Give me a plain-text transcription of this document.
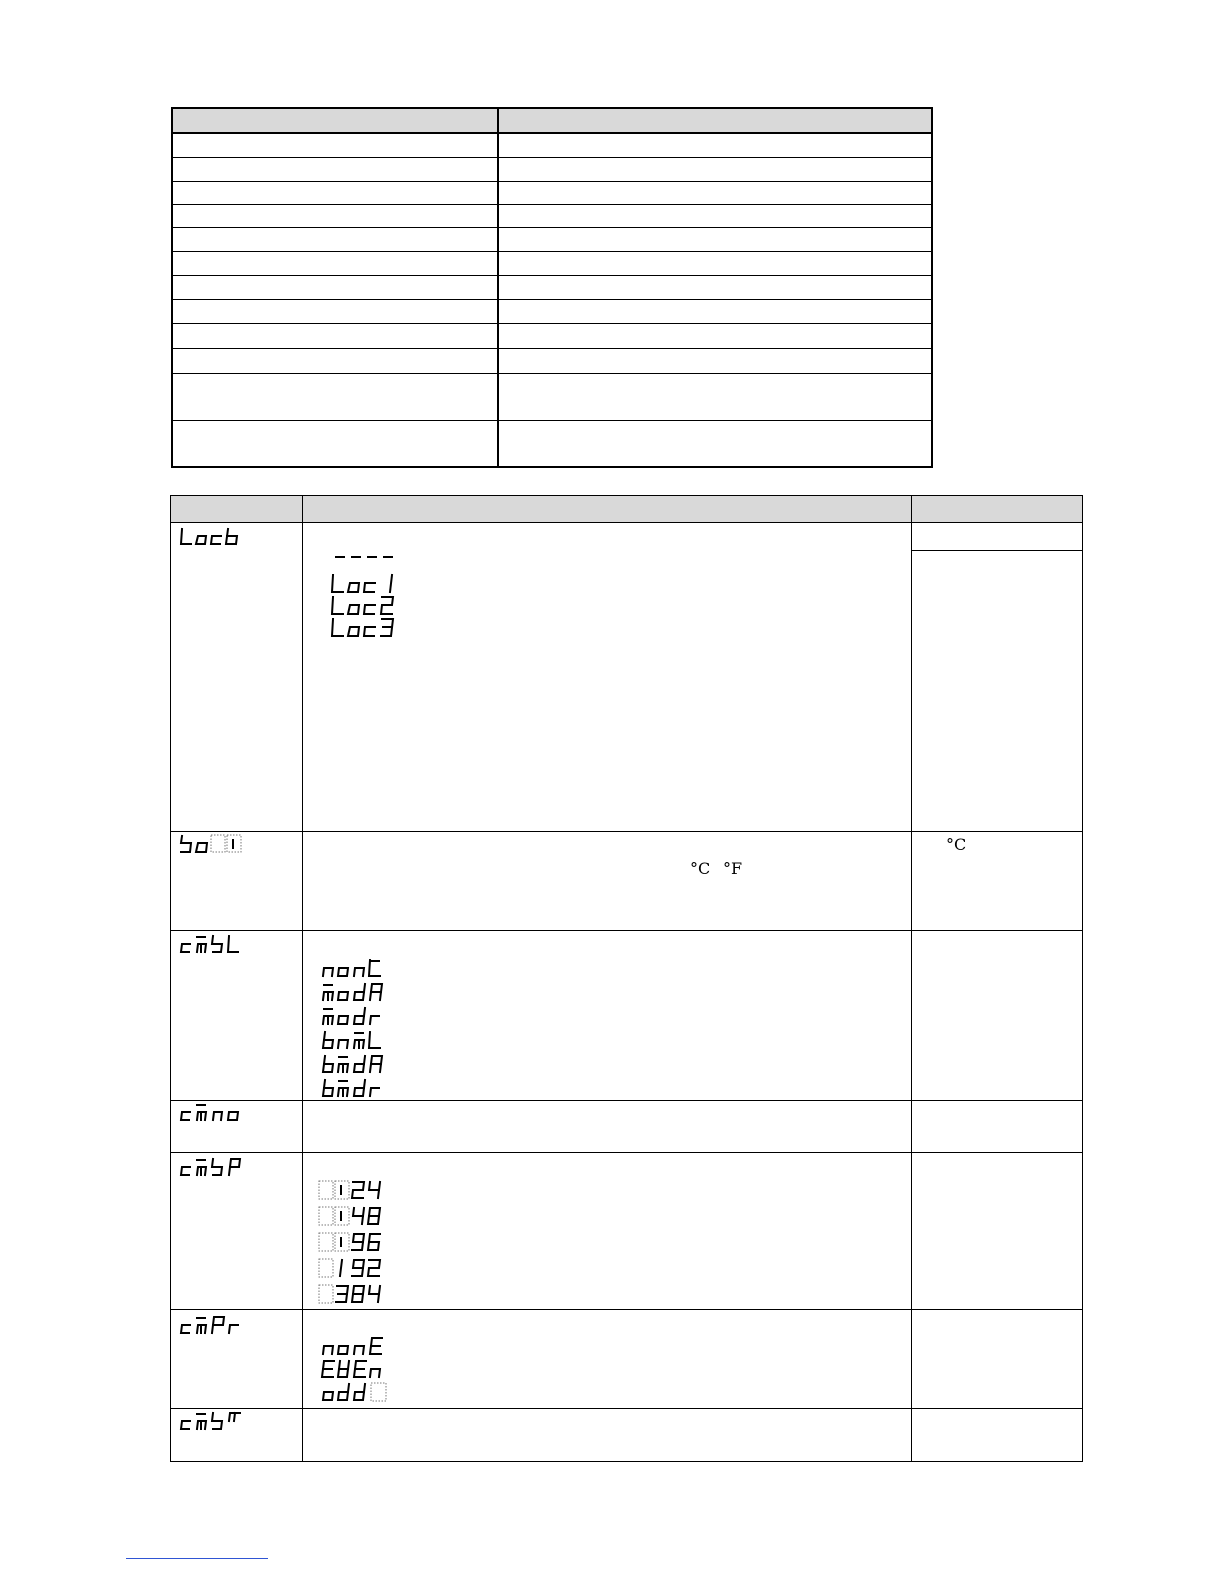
°C
°C °F
